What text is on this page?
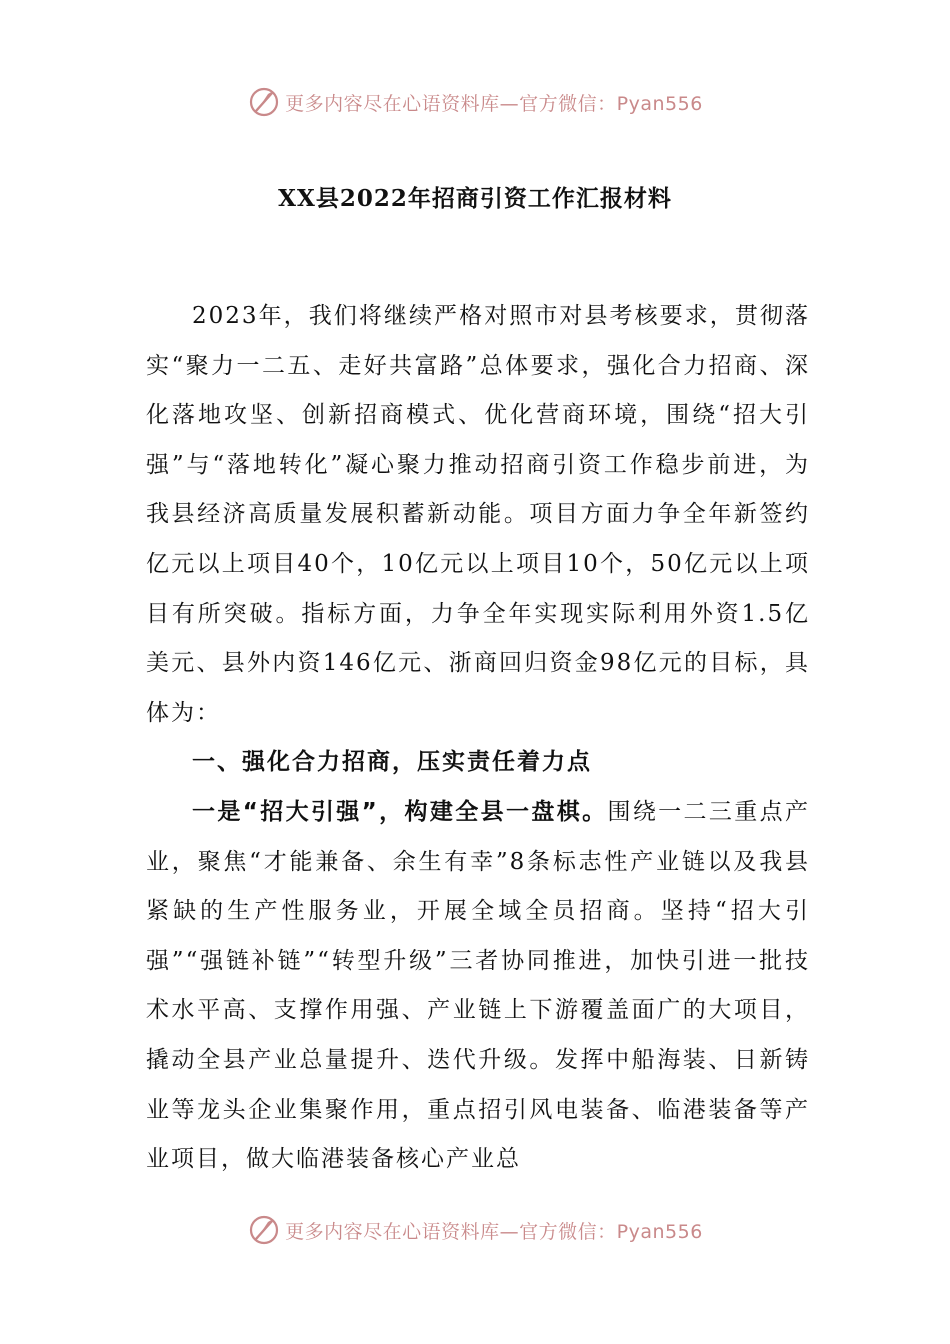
更多内容尽在心语资料库—官方微信：Pyan556
XX县2022年招商引资工作汇报材料

2023年，我们将继续严格对照市对县考核要求，贯彻落实“聚力一二五、走好共富路”总体要求，强化合力招商、深化落地攻坚、创新招商模式、优化营商环境，围绕“招大引强”与“落地转化”凝心聚力推动招商引资工作稳步前进，为我县经济高质量发展积蓄新动能。项目方面力争全年新签约亿元以上项目40个，10亿元以上项目10个，50亿元以上项目有所突破。指标方面，力争全年实现实际利用外资1.5亿美元、县外内资146亿元、浙商回归资金98亿元的目标，具体为：

一、强化合力招商，压实责任着力点

一是“招大引强”，构建全县一盘棋。围绕一二三重点产业，聚焦“才能兼备、余生有幸”8条标志性产业链以及我县紧缺的生产性服务业，开展全域全员招商。坚持“招大引强”“强链补链”“转型升级”三者协同推进，加快引进一批技术水平高、支撑作用强、产业链上下游覆盖面广的大项目，撬动全县产业总量提升、迭代升级。发挥中船海装、日新铸业等龙头企业集聚作用，重点招引风电装备、临港装备等产业项目，做大临港装备核心产业总

更多内容尽在心语资料库—官方微信：Pyan556
